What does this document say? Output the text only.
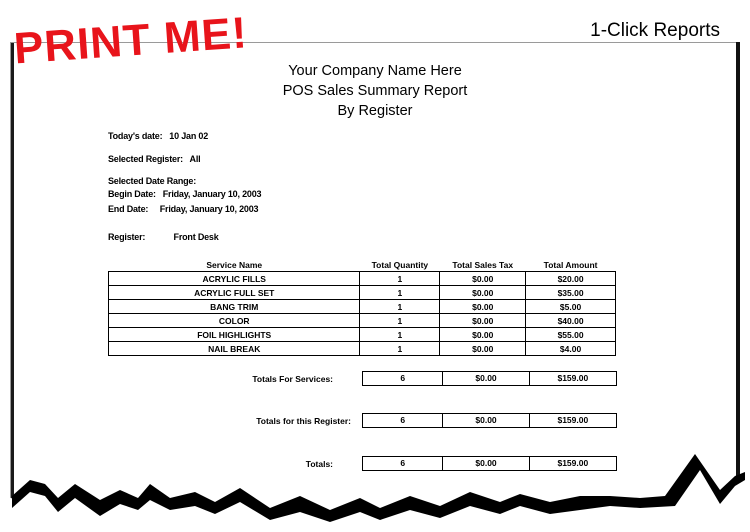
1-Click Reports
PRINT ME!	Your Company Name Here
POS Sales Summary Report
By Register
Today's date: 10 Jan 02
Selected Register: All
Selected Date Range:
Begin Date: Friday, January 10, 2003
End Date: Friday, January 10, 2003
Register:	Front Desk
Service Name	Total Quantity	Total Sales Tax	Total Amount
ACRYLIC FILLS	1	$0.00	$20.00
ACRYLIC FULL SET	1	$0.00	$35.00
BANG TRIM	1	$0.00	$5.00
COLOR	1	$0.00	$40.00
FOIL HIGHLIGHTS	1	$0.00	$55.00
NAIL BREAK	1	$0.00	$4.00
Totals For Services:	6	$0.00	$159.00
Totals for this Register:	6	$0.00	$159.00
Totals:	6	$0.00	$159.00
